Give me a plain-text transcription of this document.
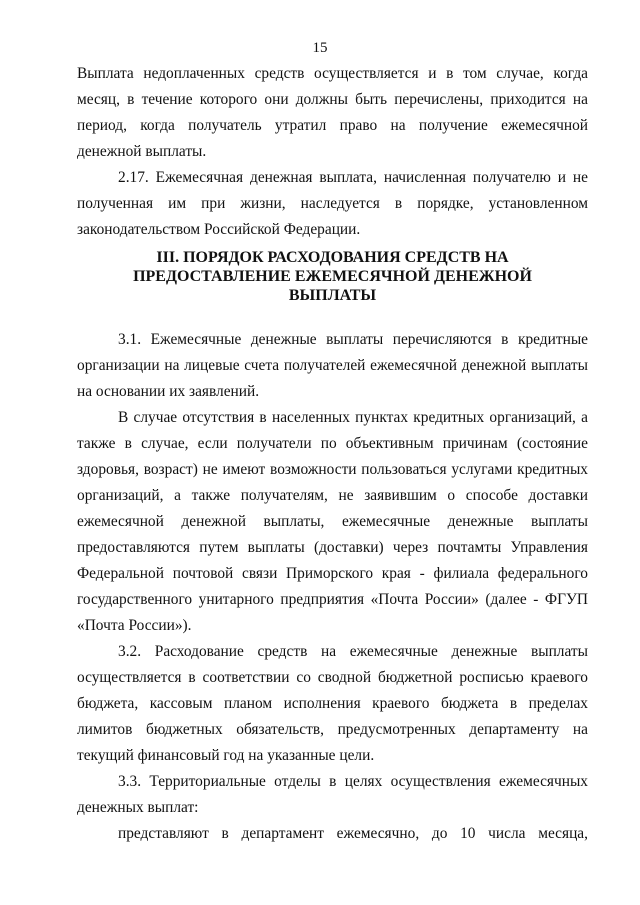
15

Выплата недоплаченных средств осуществляется и в том случае, когда месяц, в течение которого они должны быть перечислены, приходится на период, когда получатель утратил право на получение ежемесячной денежной выплаты.

2.17. Ежемесячная денежная выплата, начисленная получателю и не полученная им при жизни, наследуется в порядке, установленном законодательством Российской Федерации.

III. ПОРЯДОК РАСХОДОВАНИЯ СРЕДСТВ НА
ПРЕДОСТАВЛЕНИЕ ЕЖЕМЕСЯЧНОЙ ДЕНЕЖНОЙ
ВЫПЛАТЫ

3.1. Ежемесячные денежные выплаты перечисляются в кредитные организации на лицевые счета получателей ежемесячной денежной выплаты на основании их заявлений.

В случае отсутствия в населенных пунктах кредитных организаций, а также в случае, если получатели по объективным причинам (состояние здоровья, возраст) не имеют возможности пользоваться услугами кредитных организаций, а также получателям, не заявившим о способе доставки ежемесячной денежной выплаты, ежемесячные денежные выплаты предоставляются путем выплаты (доставки) через почтамты Управления Федеральной почтовой связи Приморского края - филиала федерального государственного унитарного предприятия «Почта России» (далее - ФГУП «Почта России»).

3.2. Расходование средств на ежемесячные денежные выплаты осуществляется в соответствии со сводной бюджетной росписью краевого бюджета, кассовым планом исполнения краевого бюджета в пределах лимитов бюджетных обязательств, предусмотренных департаменту на текущий финансовый год на указанные цели.

3.3. Территориальные отделы в целях осуществления ежемесячных денежных выплат:

представляют в департамент ежемесячно, до 10 числа месяца,
